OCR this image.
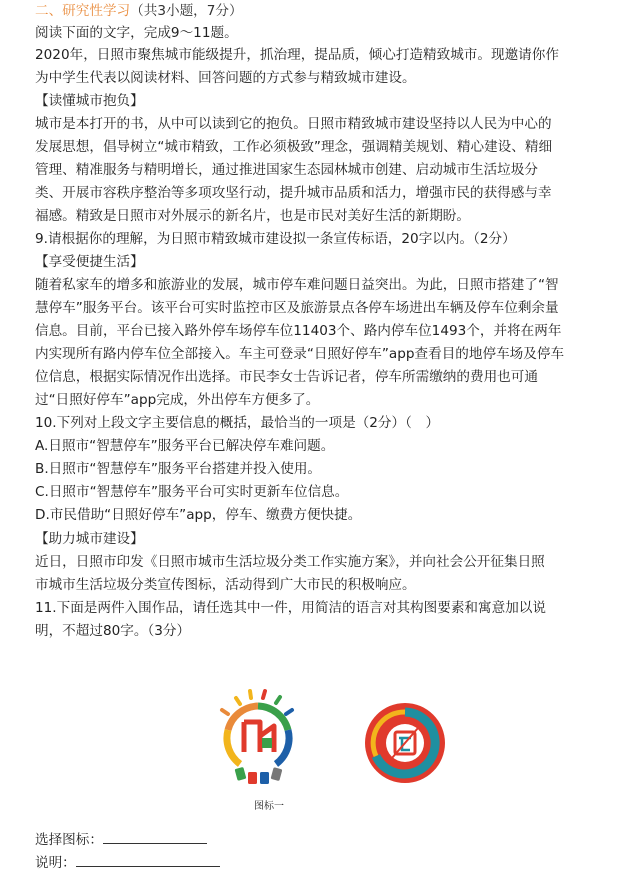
二、研究性学习（共3小题，7分）
阅读下面的文字，完成9～11题。
2020年，日照市聚焦城市能级提升，抓治理，提品质，倾心打造精致城市。现邀请你作
为中学生代表以阅读材料、回答问题的方式参与精致城市建设。
【读懂城市抱负】
城市是本打开的书，从中可以读到它的抱负。日照市精致城市建设坚持以人民为中心的
发展思想，倡导树立“城市精致，工作必须极致”理念，强调精美规划、精心建设、精细
管理、精准服务与精明增长，通过推进国家生态园林城市创建、启动城市生活垃圾分
类、开展市容秩序整治等多项攻坚行动，提升城市品质和活力，增强市民的获得感与幸
福感。精致是日照市对外展示的新名片，也是市民对美好生活的新期盼。
9.请根据你的理解，为日照市精致城市建设拟一条宣传标语，20字以内。（2分）
【享受便捷生活】
随着私家车的增多和旅游业的发展，城市停车难问题日益突出。为此，日照市搭建了“智
慧停车”服务平台。该平台可实时监控市区及旅游景点各停车场进出车辆及停车位剩余量
信息。目前，平台已接入路外停车场停车位11403个、路内停车位1493个，并将在两年
内实现所有路内停车位全部接入。车主可登录“日照好停车”app查看目的地停车场及停车
位信息，根据实际情况作出选择。市民李女士告诉记者，停车所需缴纳的费用也可通
过“日照好停车”app完成，外出停车方便多了。
10.下列对上段文字主要信息的概括，最恰当的一项是（2分）（　）
A.日照市“智慧停车”服务平台已解决停车难问题。
B.日照市“智慧停车”服务平台搭建并投入使用。
C.日照市“智慧停车”服务平台可实时更新车位信息。
D.市民借助“日照好停车”app，停车、缴费方便快捷。
【助力城市建设】
近日，日照市印发《日照市城市生活垃圾分类工作实施方案》，并向社会公开征集日照
市城市生活垃圾分类宣传图标，活动得到广大市民的积极响应。
11.下面是两件入围作品，请任选其中一件，用简洁的语言对其构图要素和寓意加以说
明，不超过80字。（3分）
图标一
选择图标：
说明：
